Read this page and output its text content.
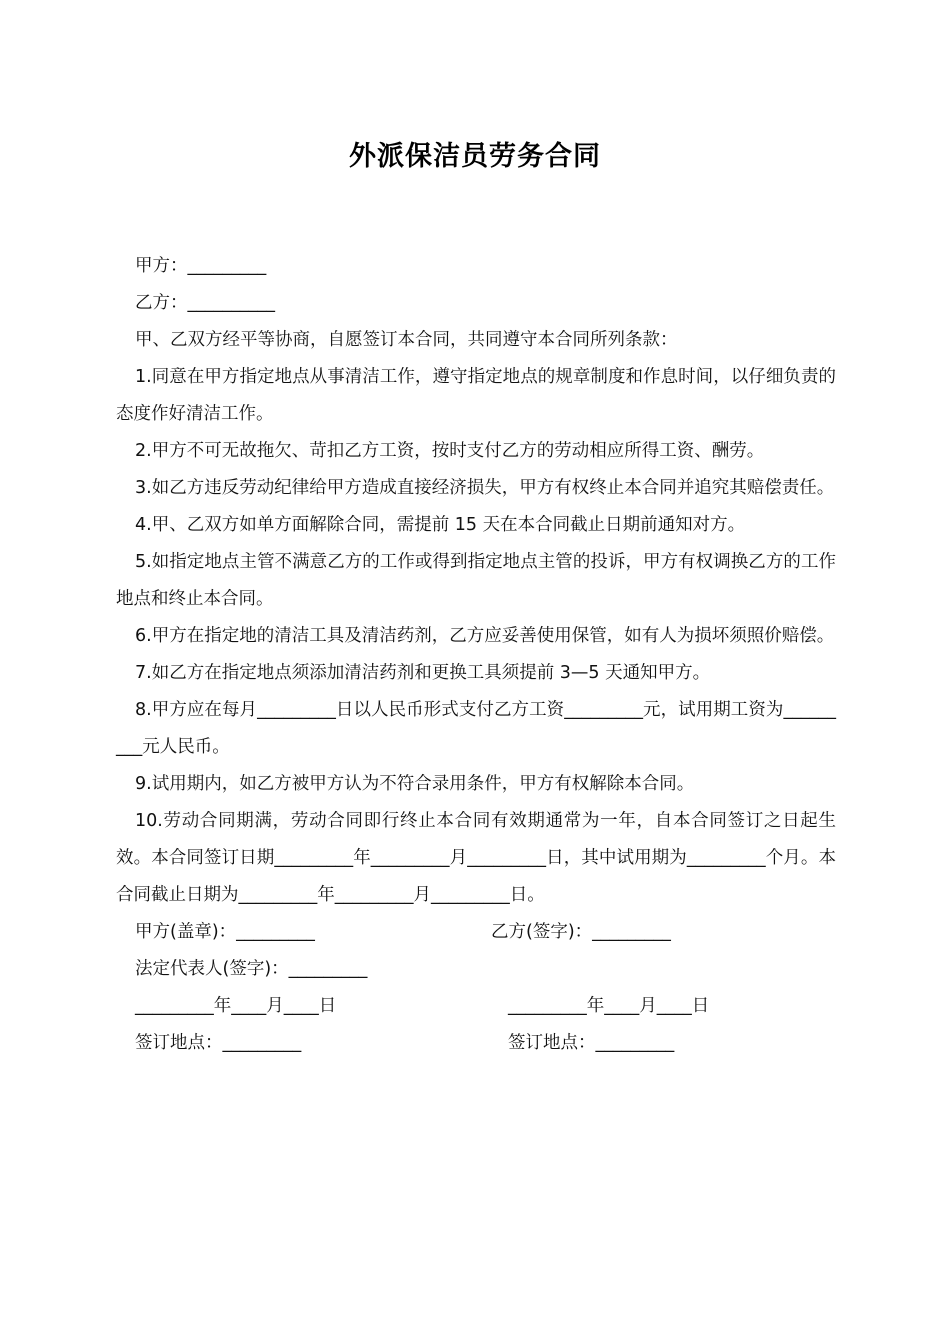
外派保洁员劳务合同
甲方：_________
乙方：__________
甲、乙双方经平等协商，自愿签订本合同，共同遵守本合同所列条款：

1.同意在甲方指定地点从事清洁工作，遵守指定地点的规章制度和作息时间，以仔细负责的态度作好清洁工作。

2.甲方不可无故拖欠、苛扣乙方工资，按时支付乙方的劳动相应所得工资、酬劳。

3.如乙方违反劳动纪律给甲方造成直接经济损失，甲方有权终止本合同并追究其赔偿责任。

4.甲、乙双方如单方面解除合同，需提前 15 天在本合同截止日期前通知对方。

5.如指定地点主管不满意乙方的工作或得到指定地点主管的投诉，甲方有权调换乙方的工作地点和终止本合同。

6.甲方在指定地的清洁工具及清洁药剂，乙方应妥善使用保管，如有人为损坏须照价赔偿。

7.如乙方在指定地点须添加清洁药剂和更换工具须提前 3—5 天通知甲方。

8.甲方应在每月_________日以人民币形式支付乙方工资_________元，试用期工资为_________元人民币。

9.试用期内，如乙方被甲方认为不符合录用条件，甲方有权解除本合同。

10.劳动合同期满，劳动合同即行终止本合同有效期通常为一年，自本合同签订之日起生效。本合同签订日期_________年_________月_________日，其中试用期为_________个月。本合同截止日期为_________年_________月_________日。

甲方(盖章)：_________	乙方(签字)：_________
法定代表人(签字)：_________
_________年____月____日	_________年____月____日
签订地点：_________	签订地点：_________
